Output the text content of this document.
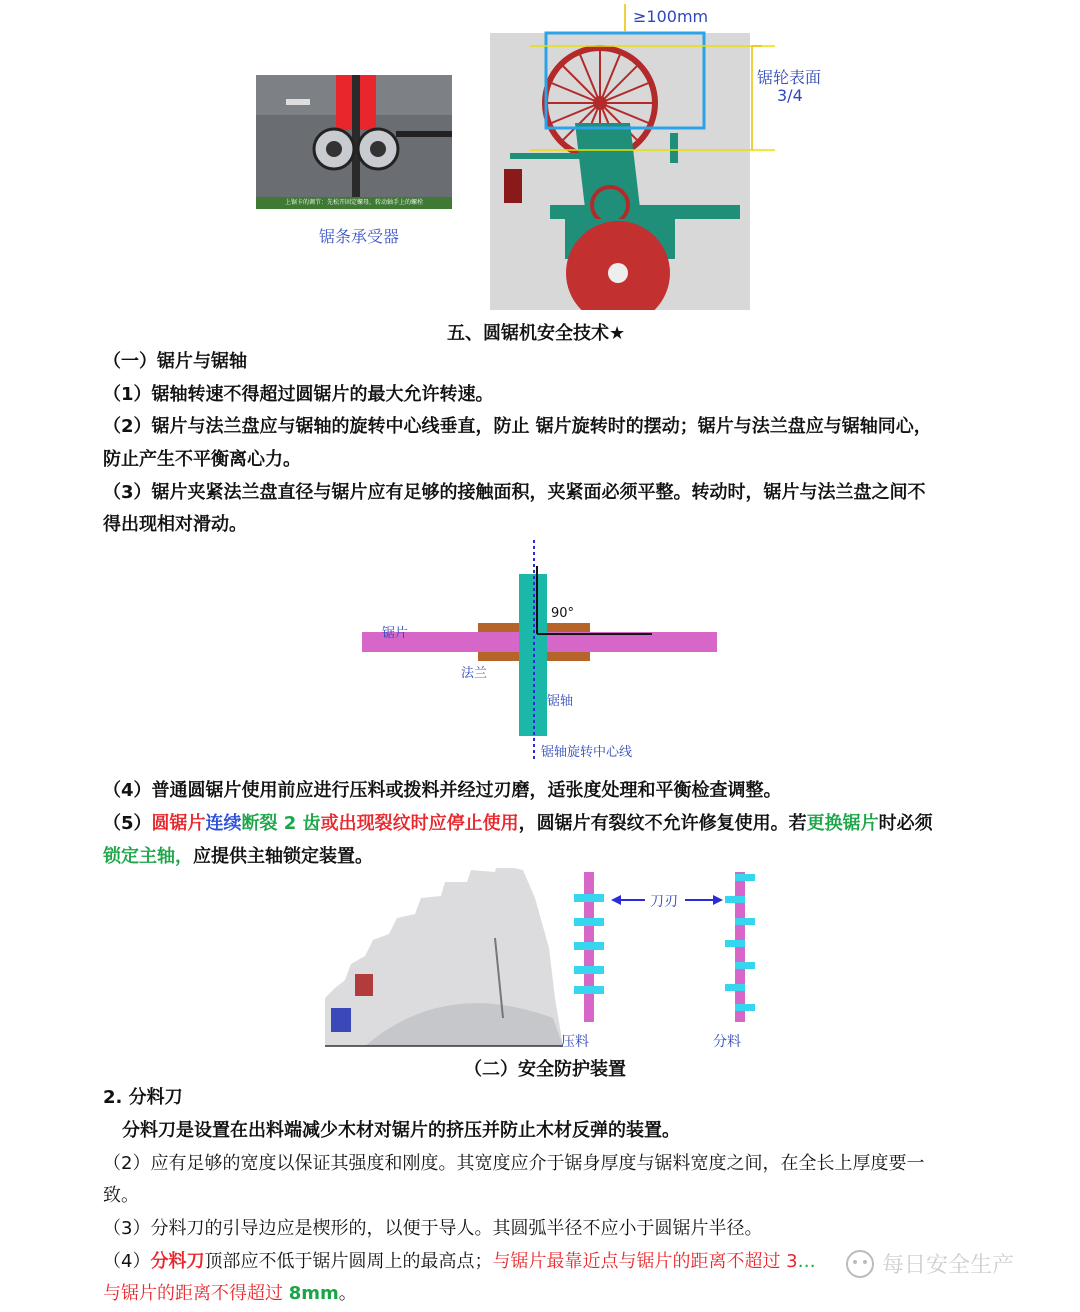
上锯卡的调节：先松开固定螺母，转动轴手上的螺栓
锯条承受器
≥100mm
锯轮表面
3/4
五、圆锯机安全技术★
（一）锯片与锯轴
（1）锯轴转速不得超过圆锯片的最大允许转速。
（2）锯片与法兰盘应与锯轴的旋转中心线垂直，防止 锯片旋转时的摆动；锯片与法兰盘应与锯轴同心，
防止产生不平衡离心力。
（3）锯片夹紧法兰盘直径与锯片应有足够的接触面积，夹紧面必须平整。转动时，锯片与法兰盘之间不
得出现相对滑动。
锯片
90°
法兰
锯轴
锯轴旋转中心线
（4）普通圆锯片使用前应进行压料或拨料并经过刃磨，适张度处理和平衡检查调整。
（5）圆锯片连续断裂 2 齿或出现裂纹时应停止使用，圆锯片有裂纹不允许修复使用。若更换锯片时必须
锁定主轴，应提供主轴锁定装置。
刀刃
压料	分料
（二）安全防护装置
2. 分料刀
分料刀是设置在出料端减少木材对锯片的挤压并防止木材反弹的装置。
（2）应有足够的宽度以保证其强度和刚度。其宽度应介于锯身厚度与锯料宽度之间，在全长上厚度要一
致。
（3）分料刀的引导边应是楔形的，以便于导人。其圆弧半径不应小于圆锯片半径。
（4）分料刀顶部应不低于锯片圆周上的最高点；与锯片最靠近点与锯片的距离不超过 3…
与锯片的距离不得超过 8mm。
每日安全生产
